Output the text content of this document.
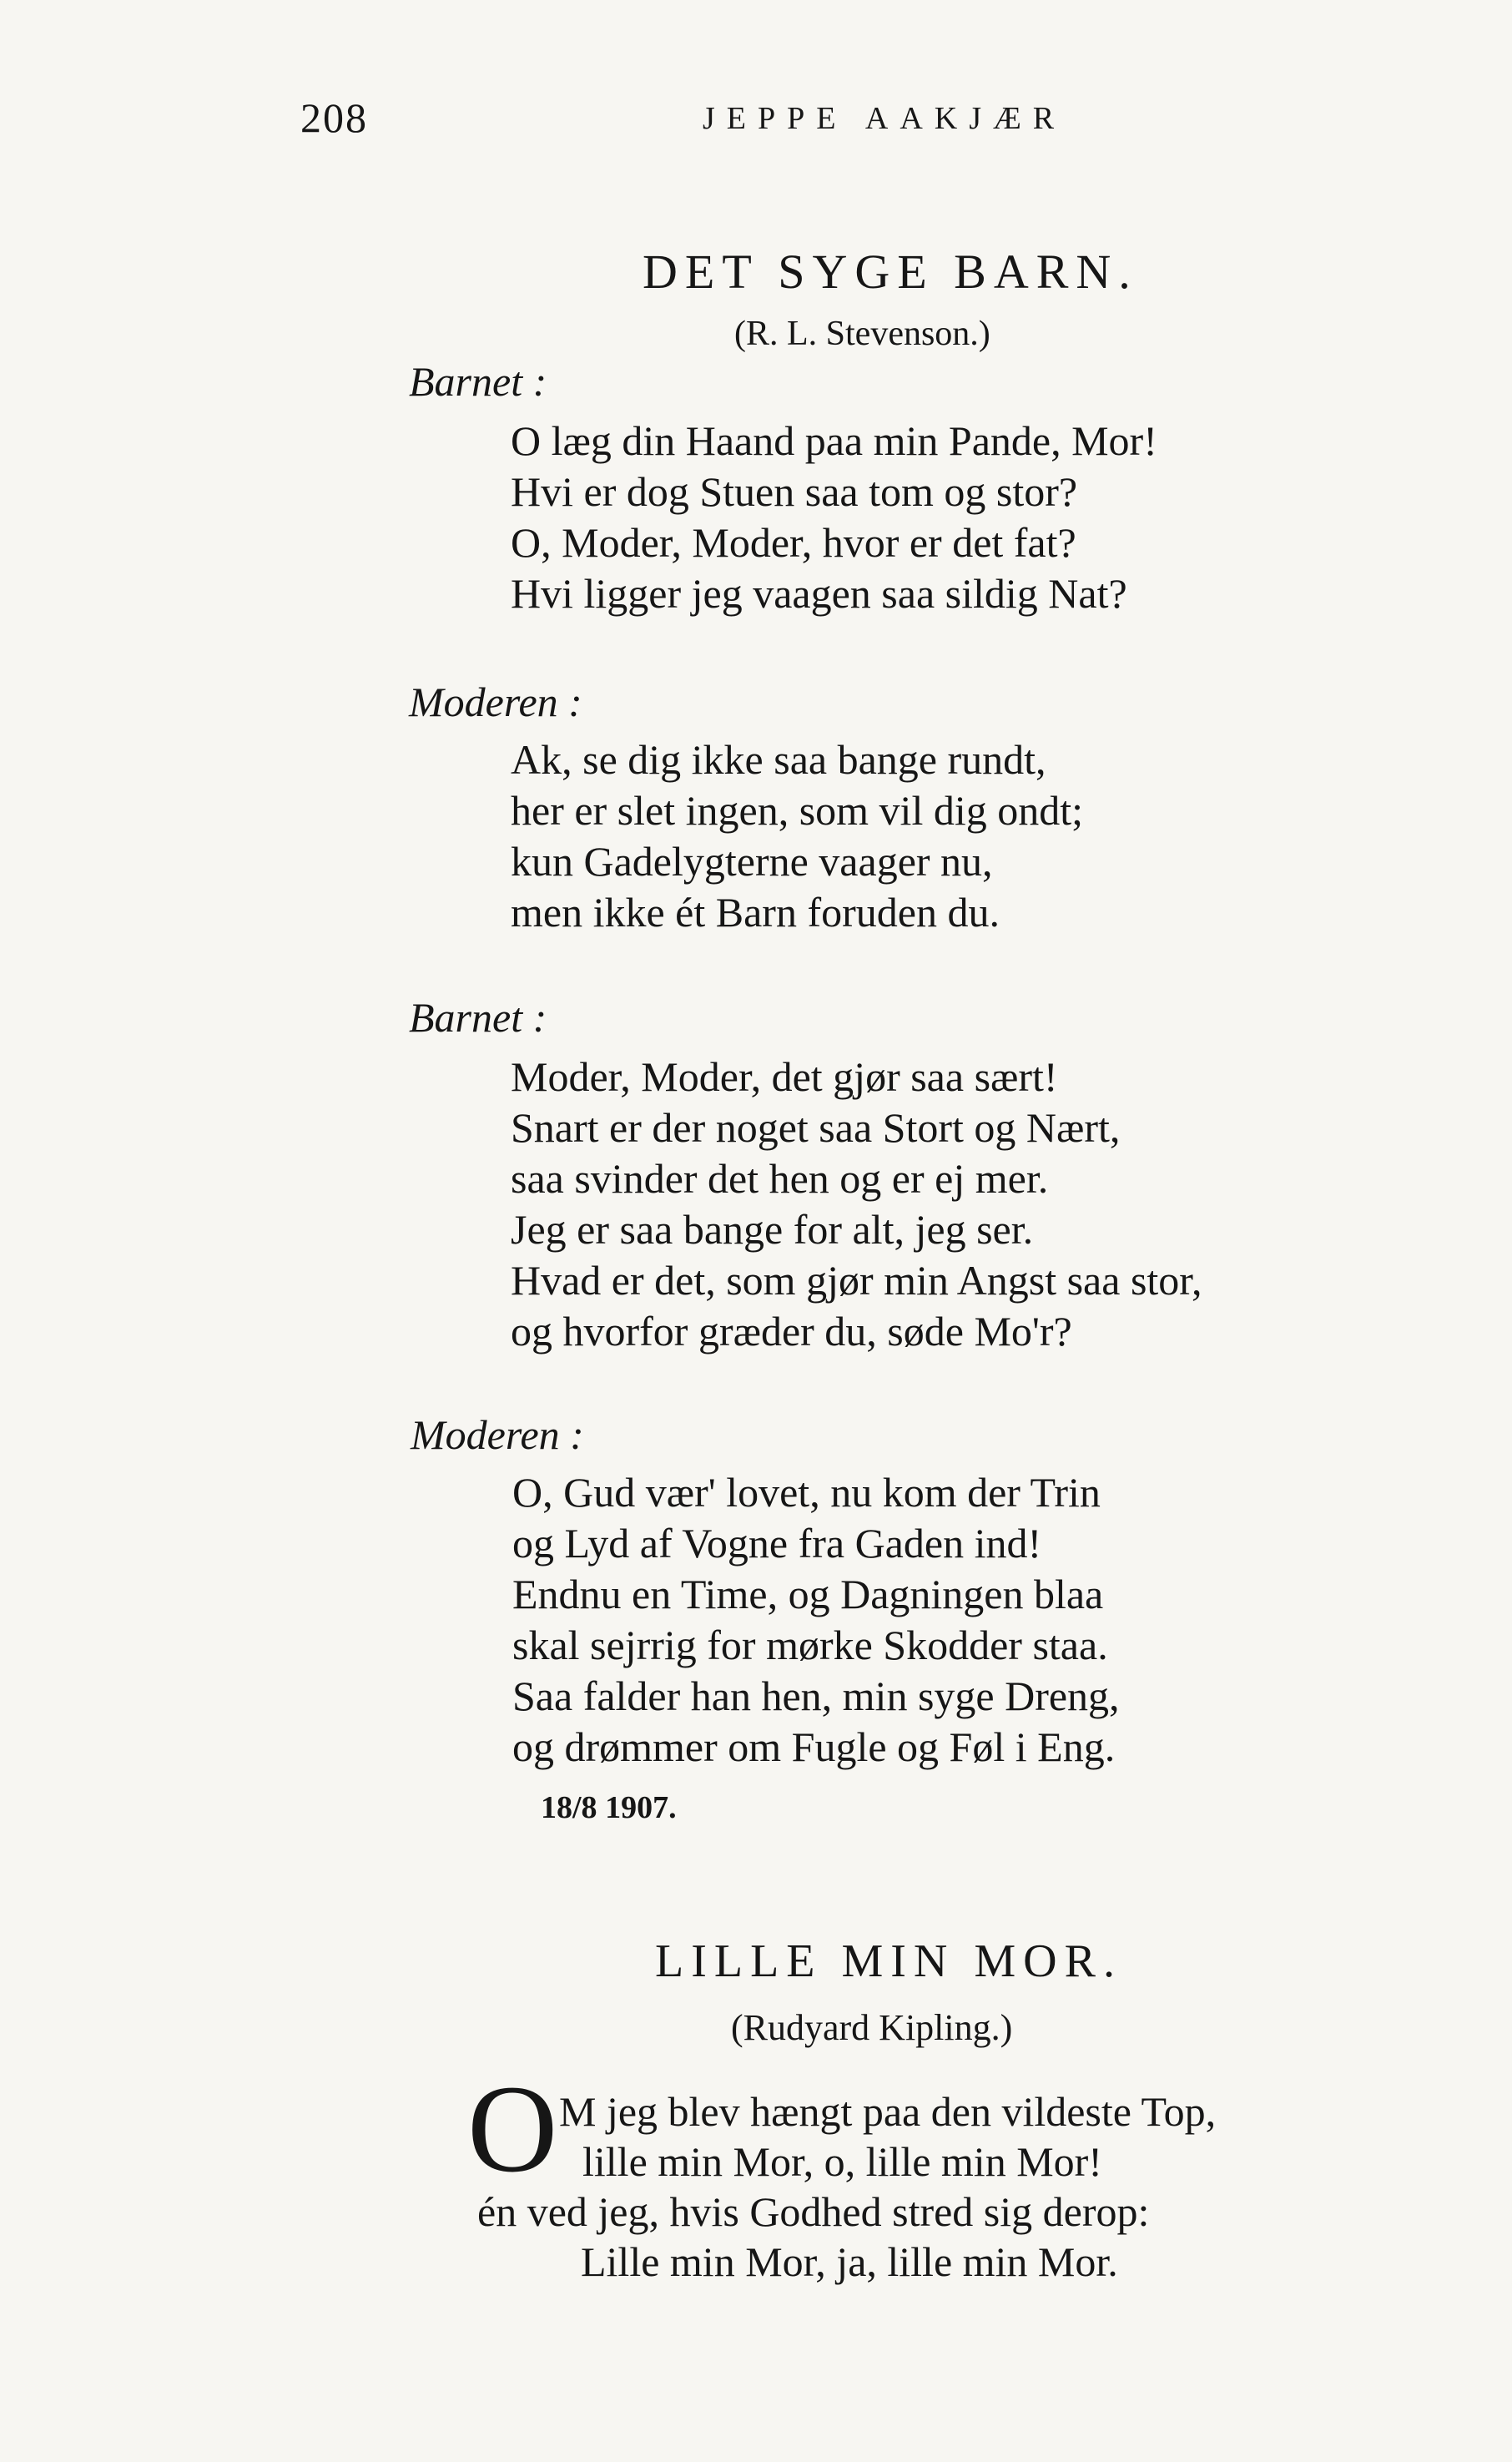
208	JEPPE AAKJÆR
DET SYGE BARN.
(R. L. Stevenson.)
Barnet :
O læg din Haand paa min Pande, Mor!
Hvi er dog Stuen saa tom og stor?
O, Moder, Moder, hvor er det fat?
Hvi ligger jeg vaagen saa sildig Nat?
Moderen :
Ak, se dig ikke saa bange rundt,
her er slet ingen, som vil dig ondt;
kun Gadelygterne vaager nu,
men ikke ét Barn foruden du.
Barnet :
Moder, Moder, det gjør saa sært!
Snart er der noget saa Stort og Nært,
saa svinder det hen og er ej mer.
Jeg er saa bange for alt, jeg ser.
Hvad er det, som gjør min Angst saa stor,
og hvorfor græder du, søde Mo'r?
Moderen :
O, Gud vær' lovet, nu kom der Trin
og Lyd af Vogne fra Gaden ind!
Endnu en Time, og Dagningen blaa
skal sejrrig for mørke Skodder staa.
Saa falder han hen, min syge Dreng,
og drømmer om Fugle og Føl i Eng.
18/8 1907.
LILLE MIN MOR.
(Rudyard Kipling.)
O M jeg blev hængt paa den vildeste Top,
lille min Mor, o, lille min Mor!
én ved jeg, hvis Godhed stred sig derop:
Lille min Mor, ja, lille min Mor.
